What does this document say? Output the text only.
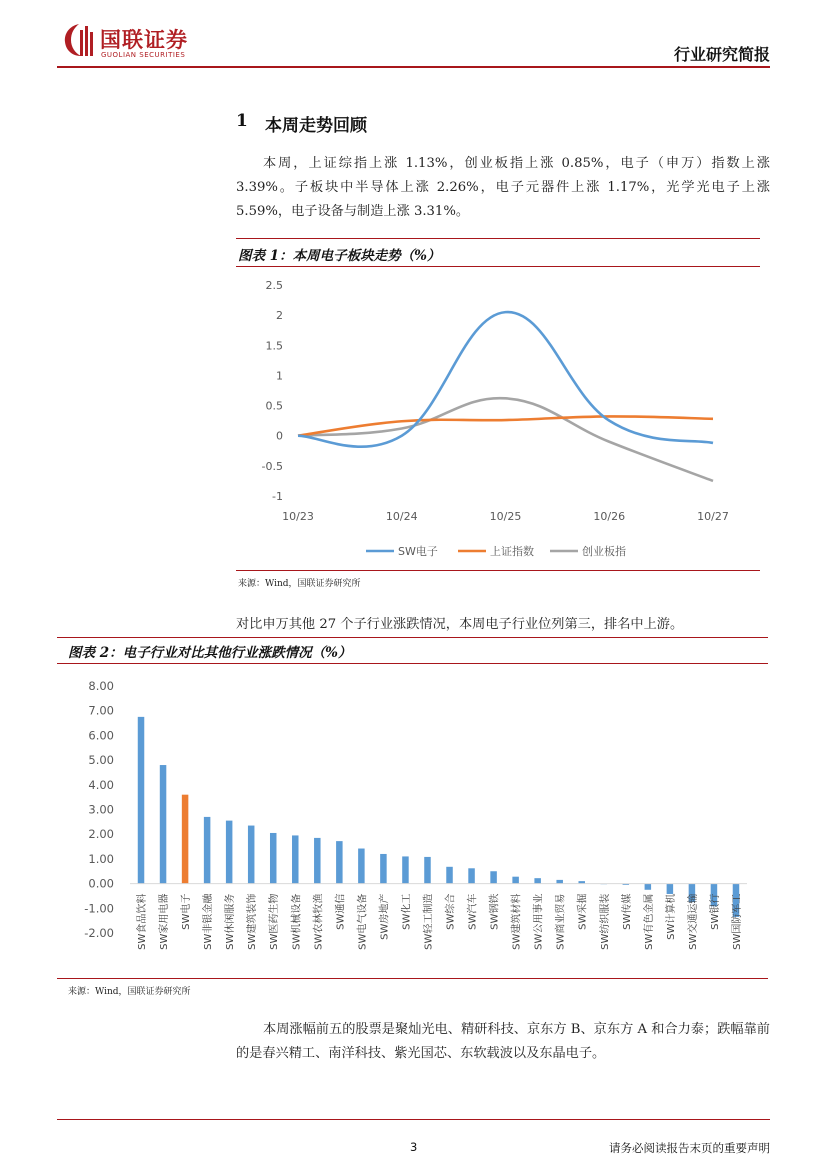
国联证券
GUOLIAN SECURITIES	行业研究简报
1 本周走势回顾
本周，上证综指上涨 1.13%，创业板指上涨 0.85%，电子（申万）指数上涨 3.39%。子板块中半导体上涨 2.26%，电子元器件上涨 1.17%，光学光电子上涨 5.59%，电子设备与制造上涨 3.31%。
图表 1：本周电子板块走势（%）
2.5
2
1.5
1
0.5
0
-0.5
-1
10/23	10/24	10/25	10/26	10/27
SW电子	上证指数	创业板指
来源：Wind，国联证券研究所
对比申万其他 27 个子行业涨跌情况，本周电子行业位列第三，排名中上游。
图表 2：电子行业对比其他行业涨跌情况（%）
8.00
7.00
6.00
5.00
4.00
3.00
2.00
1.00
0.00
-1.00
-2.00 SW食品饮料 SW家用电器 SW电子 SW非银金融 SW休闲服务 SW建筑装饰 SW医药生物 SW机械设备 SW农林牧渔 SW通信 SW电气设备 SW房地产 SW化工 SW轻工制造 SW综合 SW汽车 SW钢铁 SW建筑材料 SW公用事业 SW商业贸易 SW采掘 SW纺织服装 SW传媒 SW有色金属 SW计算机 SW交通运输 SW银行 SW国防军工
来源：Wind，国联证券研究所
本周涨幅前五的股票是聚灿光电、精研科技、京东方 B、京东方 A 和合力泰；跌幅靠前的是春兴精工、南洋科技、紫光国芯、东软载波以及东晶电子。
3	请务必阅读报告末页的重要声明
